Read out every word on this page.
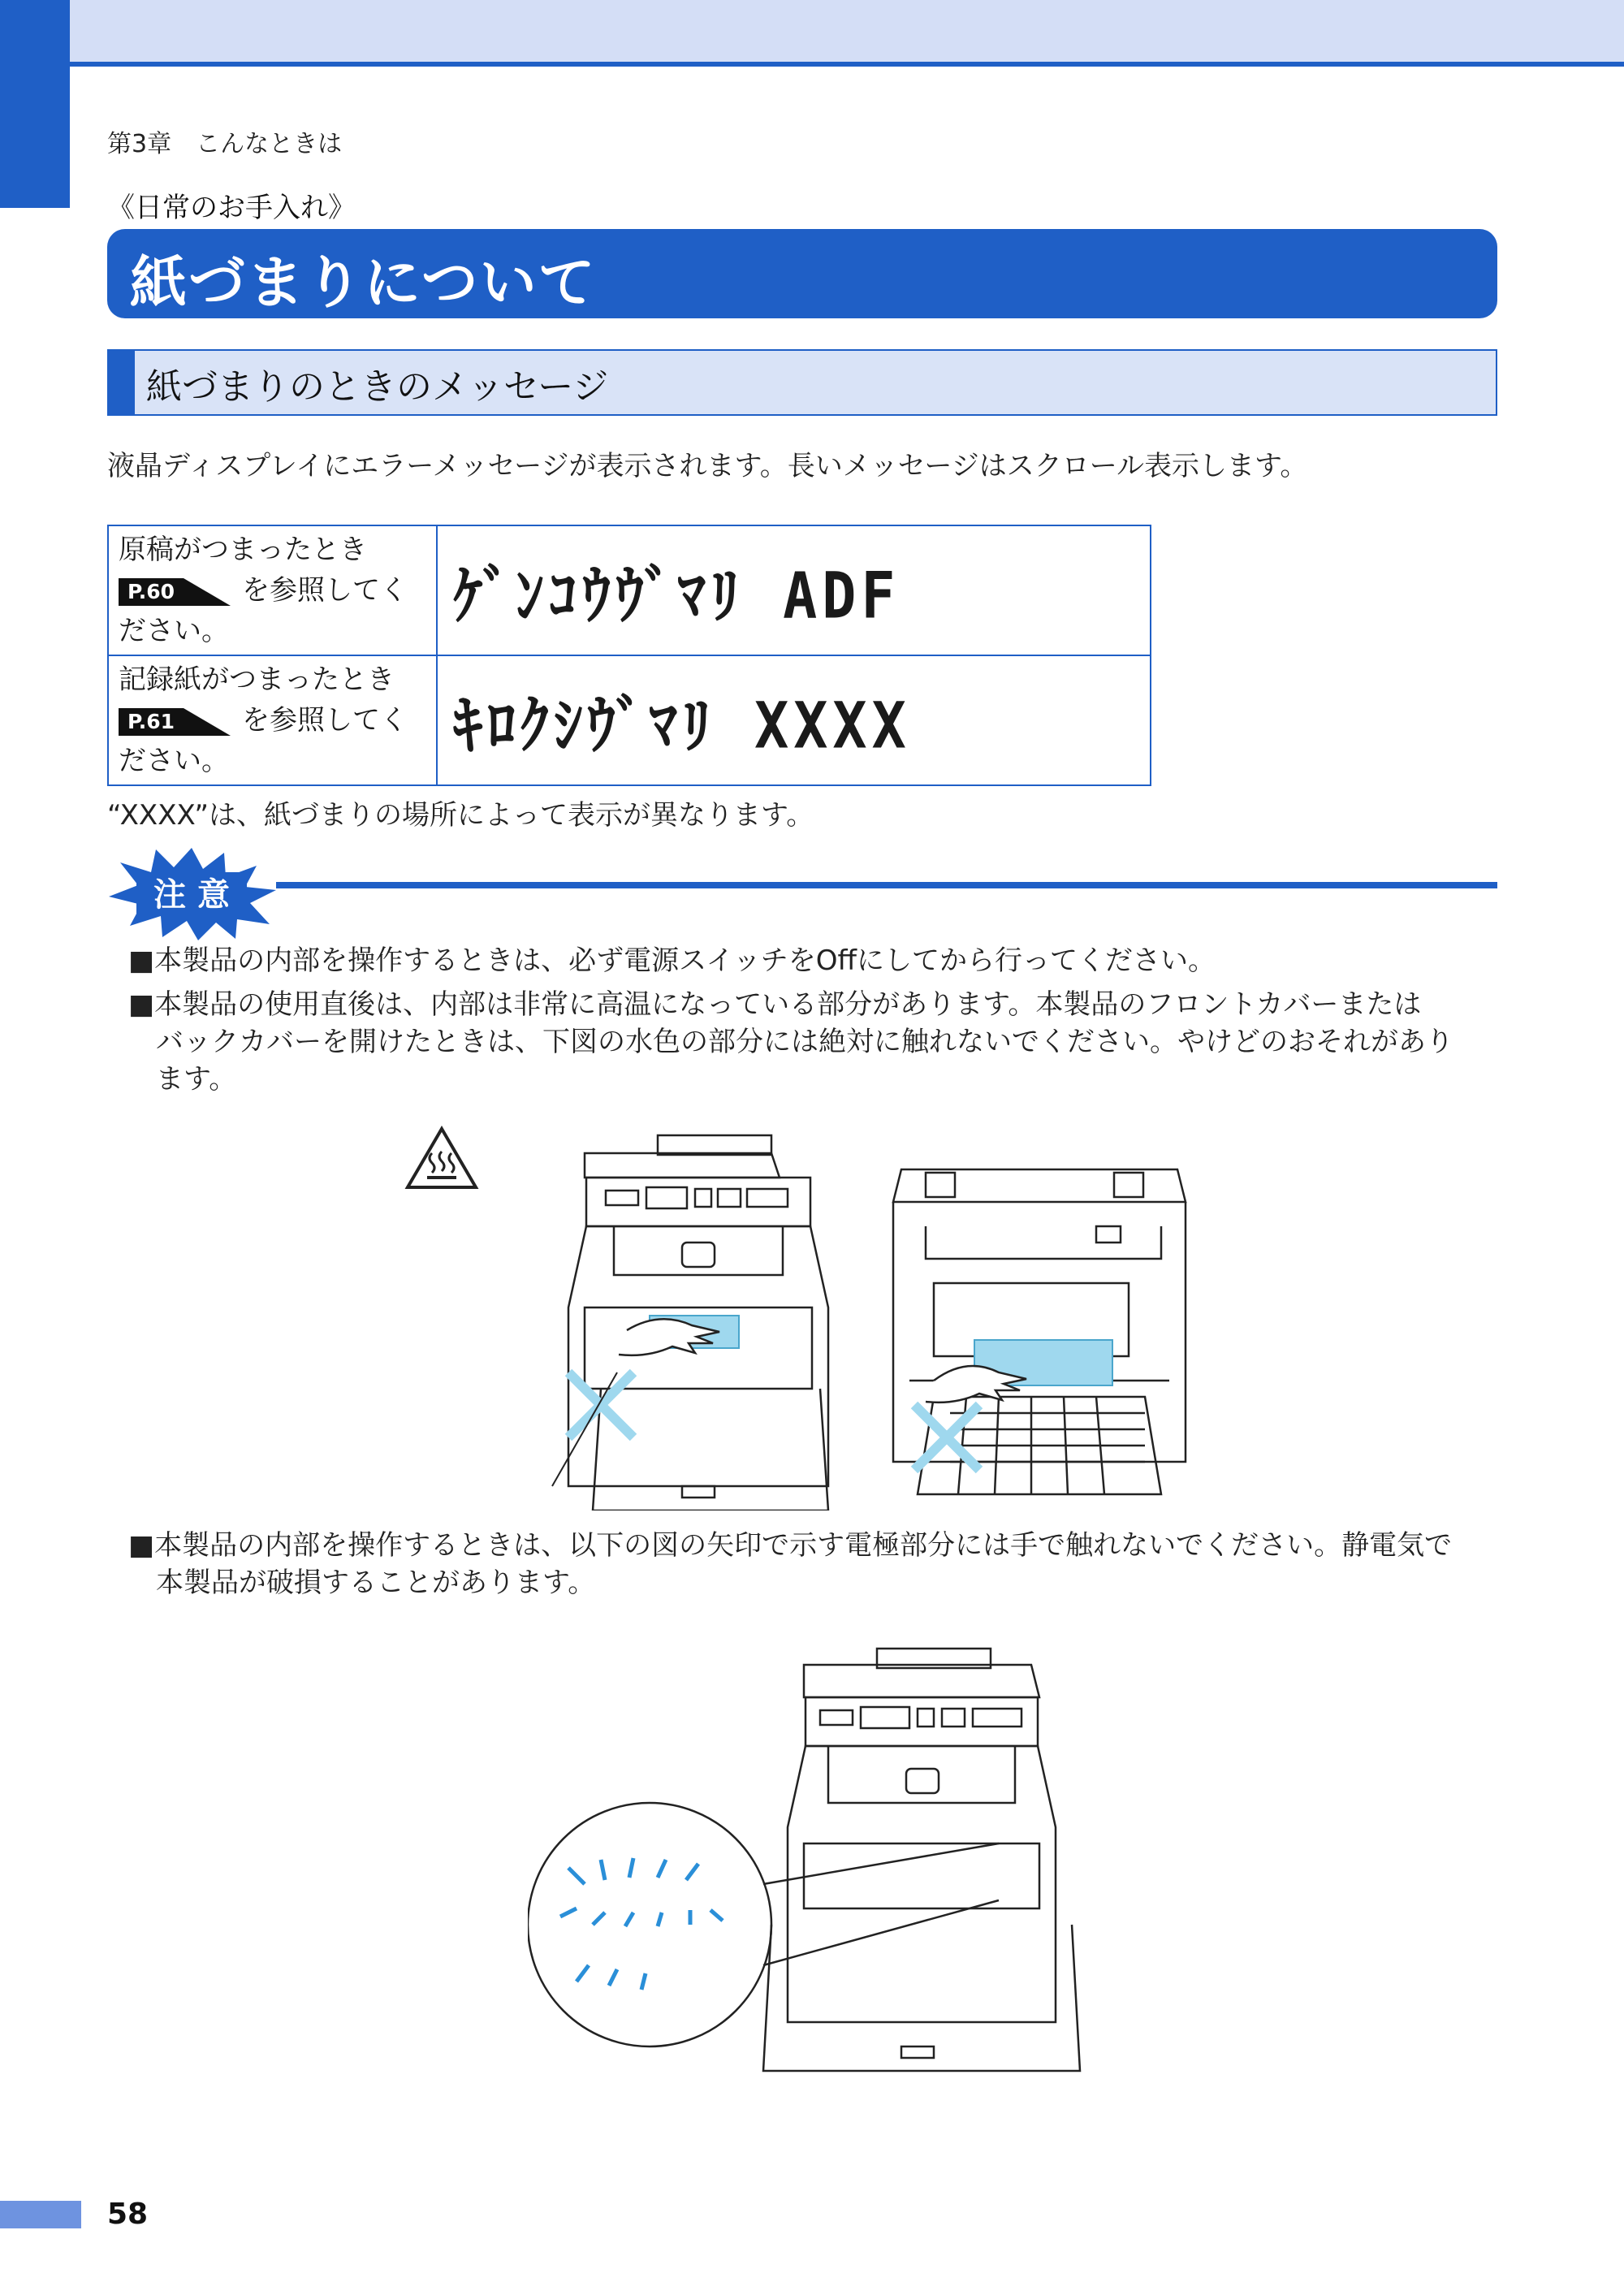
第3章　こんなときは
《日常のお手入れ》
紙づまりについて
紙づまりのときのメッセージ
液晶ディスプレイにエラーメッセージが表示されます。長いメッセージはスクロール表示します。
原稿がつまったとき
P.60 を参照してく
ださい。	ｹﾞﾝｺｳｳﾞﾏﾘ ADF

記録紙がつまったとき
P.61 を参照してく
ださい。	ｷﾛｸｼｳﾞﾏﾘ XXXX
“XXXX”は、紙づまりの場所によって表示が異なります。
注 意
■本製品の内部を操作するときは、必ず電源スイッチをOffにしてから行ってください。
■本製品の使用直後は、内部は非常に高温になっている部分があります。本製品のフロントカバーまたは
バックカバーを開けたときは、下図の水色の部分には絶対に触れないでください。やけどのおそれがあり
ます。
■本製品の内部を操作するときは、以下の図の矢印で示す電極部分には手で触れないでください。静電気で
本製品が破損することがあります。
58
